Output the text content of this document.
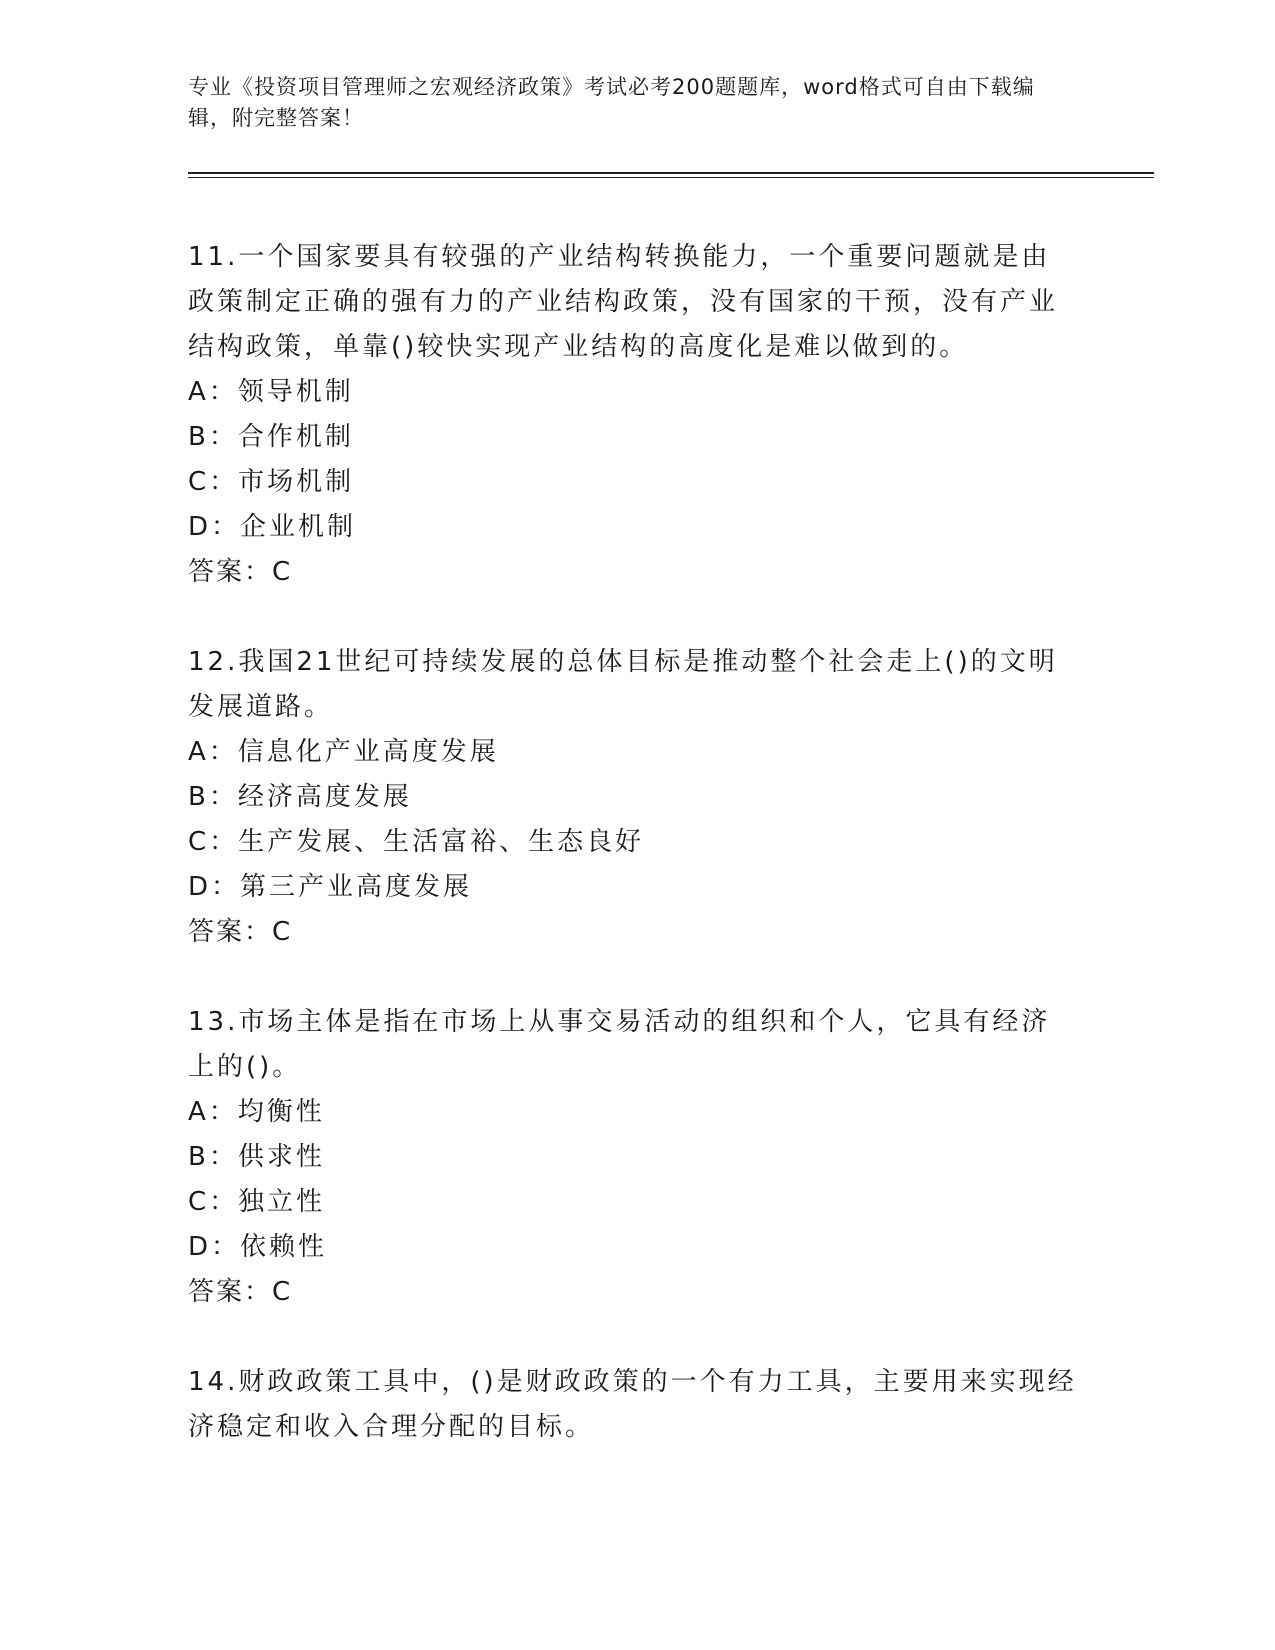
专业《投资项目管理师之宏观经济政策》考试必考200题题库，word格式可自由下载编辑，附完整答案！

11.一个国家要具有较强的产业结构转换能力，一个重要问题就是由政策制定正确的强有力的产业结构政策，没有国家的干预，没有产业结构政策，单靠()较快实现产业结构的高度化是难以做到的。

A：领导机制

B：合作机制

C：市场机制

D：企业机制

答案：C

12.我国21世纪可持续发展的总体目标是推动整个社会走上()的文明发展道路。

A：信息化产业高度发展

B：经济高度发展

C：生产发展、生活富裕、生态良好

D：第三产业高度发展

答案：C

13.市场主体是指在市场上从事交易活动的组织和个人，它具有经济上的()。

A：均衡性

B：供求性

C：独立性

D：依赖性

答案：C

14.财政政策工具中，()是财政政策的一个有力工具，主要用来实现经济稳定和收入合理分配的目标。
